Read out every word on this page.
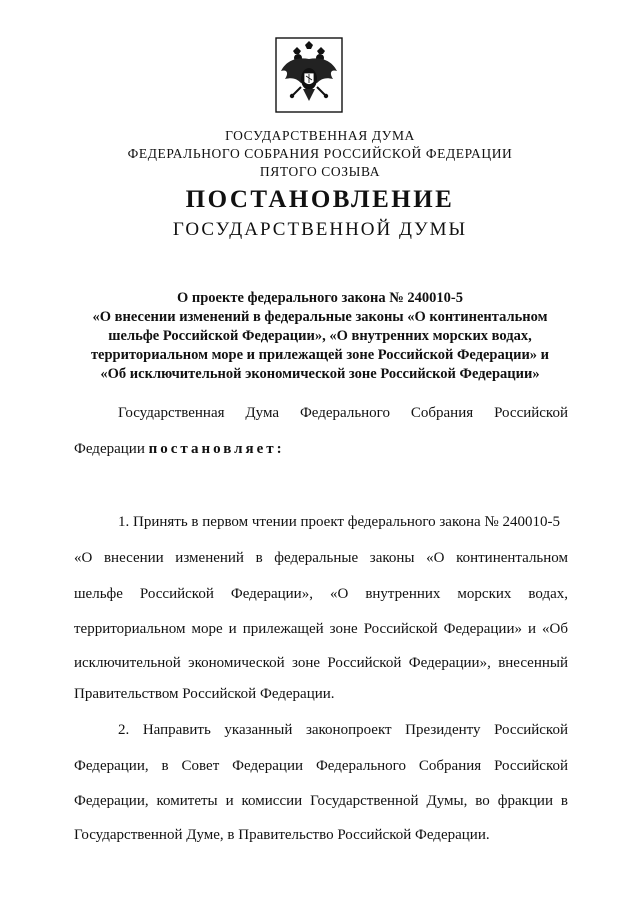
ГОСУДАРСТВЕННАЯ ДУМА
ФЕДЕРАЛЬНОГО СОБРАНИЯ РОССИЙСКОЙ ФЕДЕРАЦИИ
ПЯТОГО СОЗЫВА
ПОСТАНОВЛЕНИЕ
ГОСУДАРСТВЕННОЙ ДУМЫ
О проекте федерального закона № 240010-5
«О внесении изменений в федеральные законы «О континентальном
шельфе Российской Федерации», «О внутренних морских водах,
территориальном море и прилежащей зоне Российской Федерации» и
«Об исключительной экономической зоне Российской Федерации»
Государственная Дума Федерального Собрания Российской
Федерации постановляет:
1. Принять в первом чтении проект федерального закона № 240010-5
«О внесении изменений в федеральные законы «О континентальном
шельфе Российской Федерации», «О внутренних морских водах,
территориальном море и прилежащей зоне Российской Федерации» и «Об
исключительной экономической зоне Российской Федерации», внесенный
Правительством Российской Федерации.
2. Направить указанный законопроект Президенту Российской
Федерации, в Совет Федерации Федерального Собрания Российской
Федерации, комитеты и комиссии Государственной Думы, во фракции в
Государственной Думе, в Правительство Российской Федерации.
